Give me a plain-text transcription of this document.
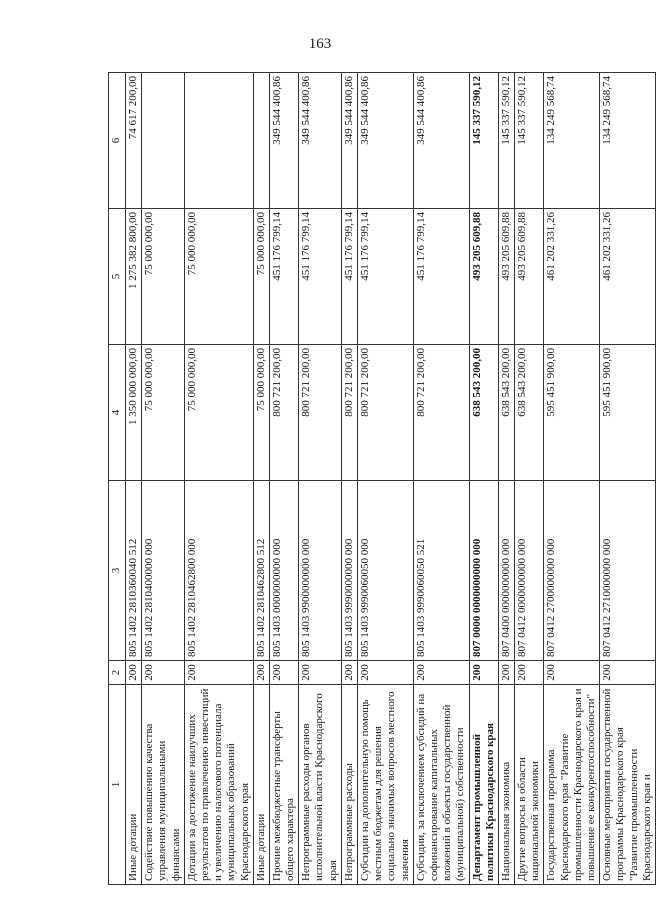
163
1	2	3	4	5	6
Иные дотации	200	805 1402 2810360040 512	1 350 000 000,00	1 275 382 800,00	74 617 200,00
Содействие повышению качества управления муниципальными финансами	200	805 1402 2810400000 000	75 000 000,00	75 000 000,00	
Дотации за достижение наилучших результатов по привлечению инвестиций и увеличению налогового потенциала муниципальных образований Краснодарского края	200	805 1402 2810462800 000	75 000 000,00	75 000 000,00	
Иные дотации	200	805 1402 2810462800 512	75 000 000,00	75 000 000,00	
Прочие межбюджетные трансферты общего характера	200	805 1403 0000000000 000	800 721 200,00	451 176 799,14	349 544 400,86
Непрограммные расходы органов исполнительной власти Краснодарского края	200	805 1403 9900000000 000	800 721 200,00	451 176 799,14	349 544 400,86
Непрограммные расходы	200	805 1403 9990000000 000	800 721 200,00	451 176 799,14	349 544 400,86
Субсидии на дополнительную помощь местным бюджетам для решения социально значимых вопросов местного значения	200	805 1403 9990060050 000	800 721 200,00	451 176 799,14	349 544 400,86
Субсидии, за исключением субсидий на софинансирование капитальных вложений в объекты государственной (муниципальной) собственности	200	805 1403 9990060050 521	800 721 200,00	451 176 799,14	349 544 400,86
Департамент промышленной политики Краснодарского края	200	807 0000 0000000000 000	638 543 200,00	493 205 609,88	145 337 590,12
Национальная экономика	200	807 0400 0000000000 000	638 543 200,00	493 205 609,88	145 337 590,12
Другие вопросы в области национальной экономики	200	807 0412 0000000000 000	638 543 200,00	493 205 609,88	145 337 590,12
Государственная программа Краснодарского края "Развитие промышленности Краснодарского края и повышение ее конкурентоспособности"	200	807 0412 2700000000 000	595 451 900,00	461 202 331,26	134 249 568,74
Основные мероприятия государственной программы Краснодарского края "Развитие промышленности Краснодарского края и	200	807 0412 2710000000 000	595 451 900,00	461 202 331,26	134 249 568,74
